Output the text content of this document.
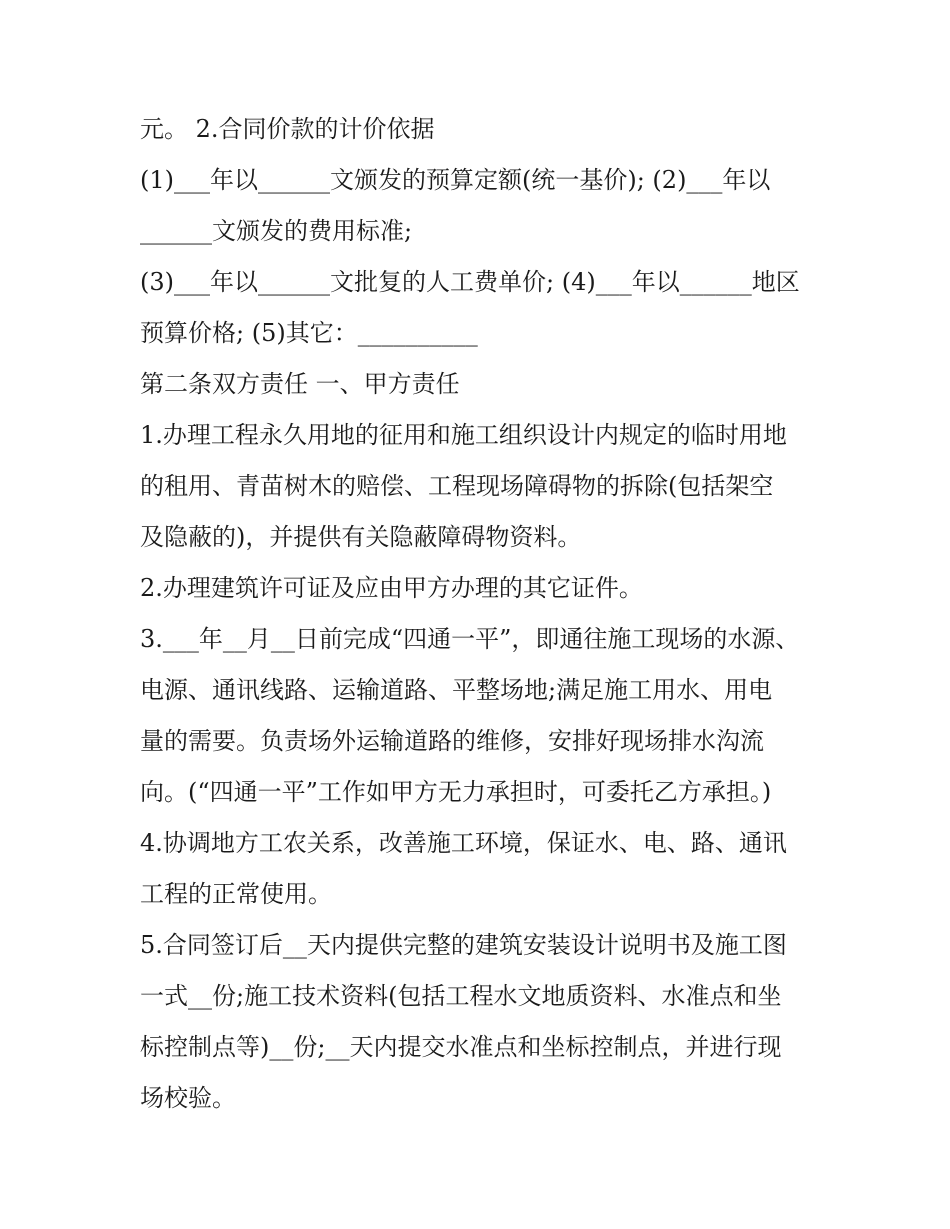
元。 2.合同价款的计价依据
(1)___年以______文颁发的预算定额(统一基价); (2)___年以
______文颁发的费用标准;
(3)___年以______文批复的人工费单价; (4)___年以______地区
预算价格; (5)其它：__________
第二条双方责任 一、甲方责任
1.办理工程永久用地的征用和施工组织设计内规定的临时用地
的租用、青苗树木的赔偿、工程现场障碍物的拆除(包括架空
及隐蔽的)，并提供有关隐蔽障碍物资料。
2.办理建筑许可证及应由甲方办理的其它证件。
3.___年__月__日前完成“四通一平”，即通往施工现场的水源、
电源、通讯线路、运输道路、平整场地;满足施工用水、用电
量的需要。负责场外运输道路的维修，安排好现场排水沟流
向。(“四通一平”工作如甲方无力承担时，可委托乙方承担。)
4.协调地方工农关系，改善施工环境，保证水、电、路、通讯
工程的正常使用。
5.合同签订后__天内提供完整的建筑安装设计说明书及施工图
一式__份;施工技术资料(包括工程水文地质资料、水准点和坐
标控制点等)__份;__天内提交水准点和坐标控制点，并进行现
场校验。
